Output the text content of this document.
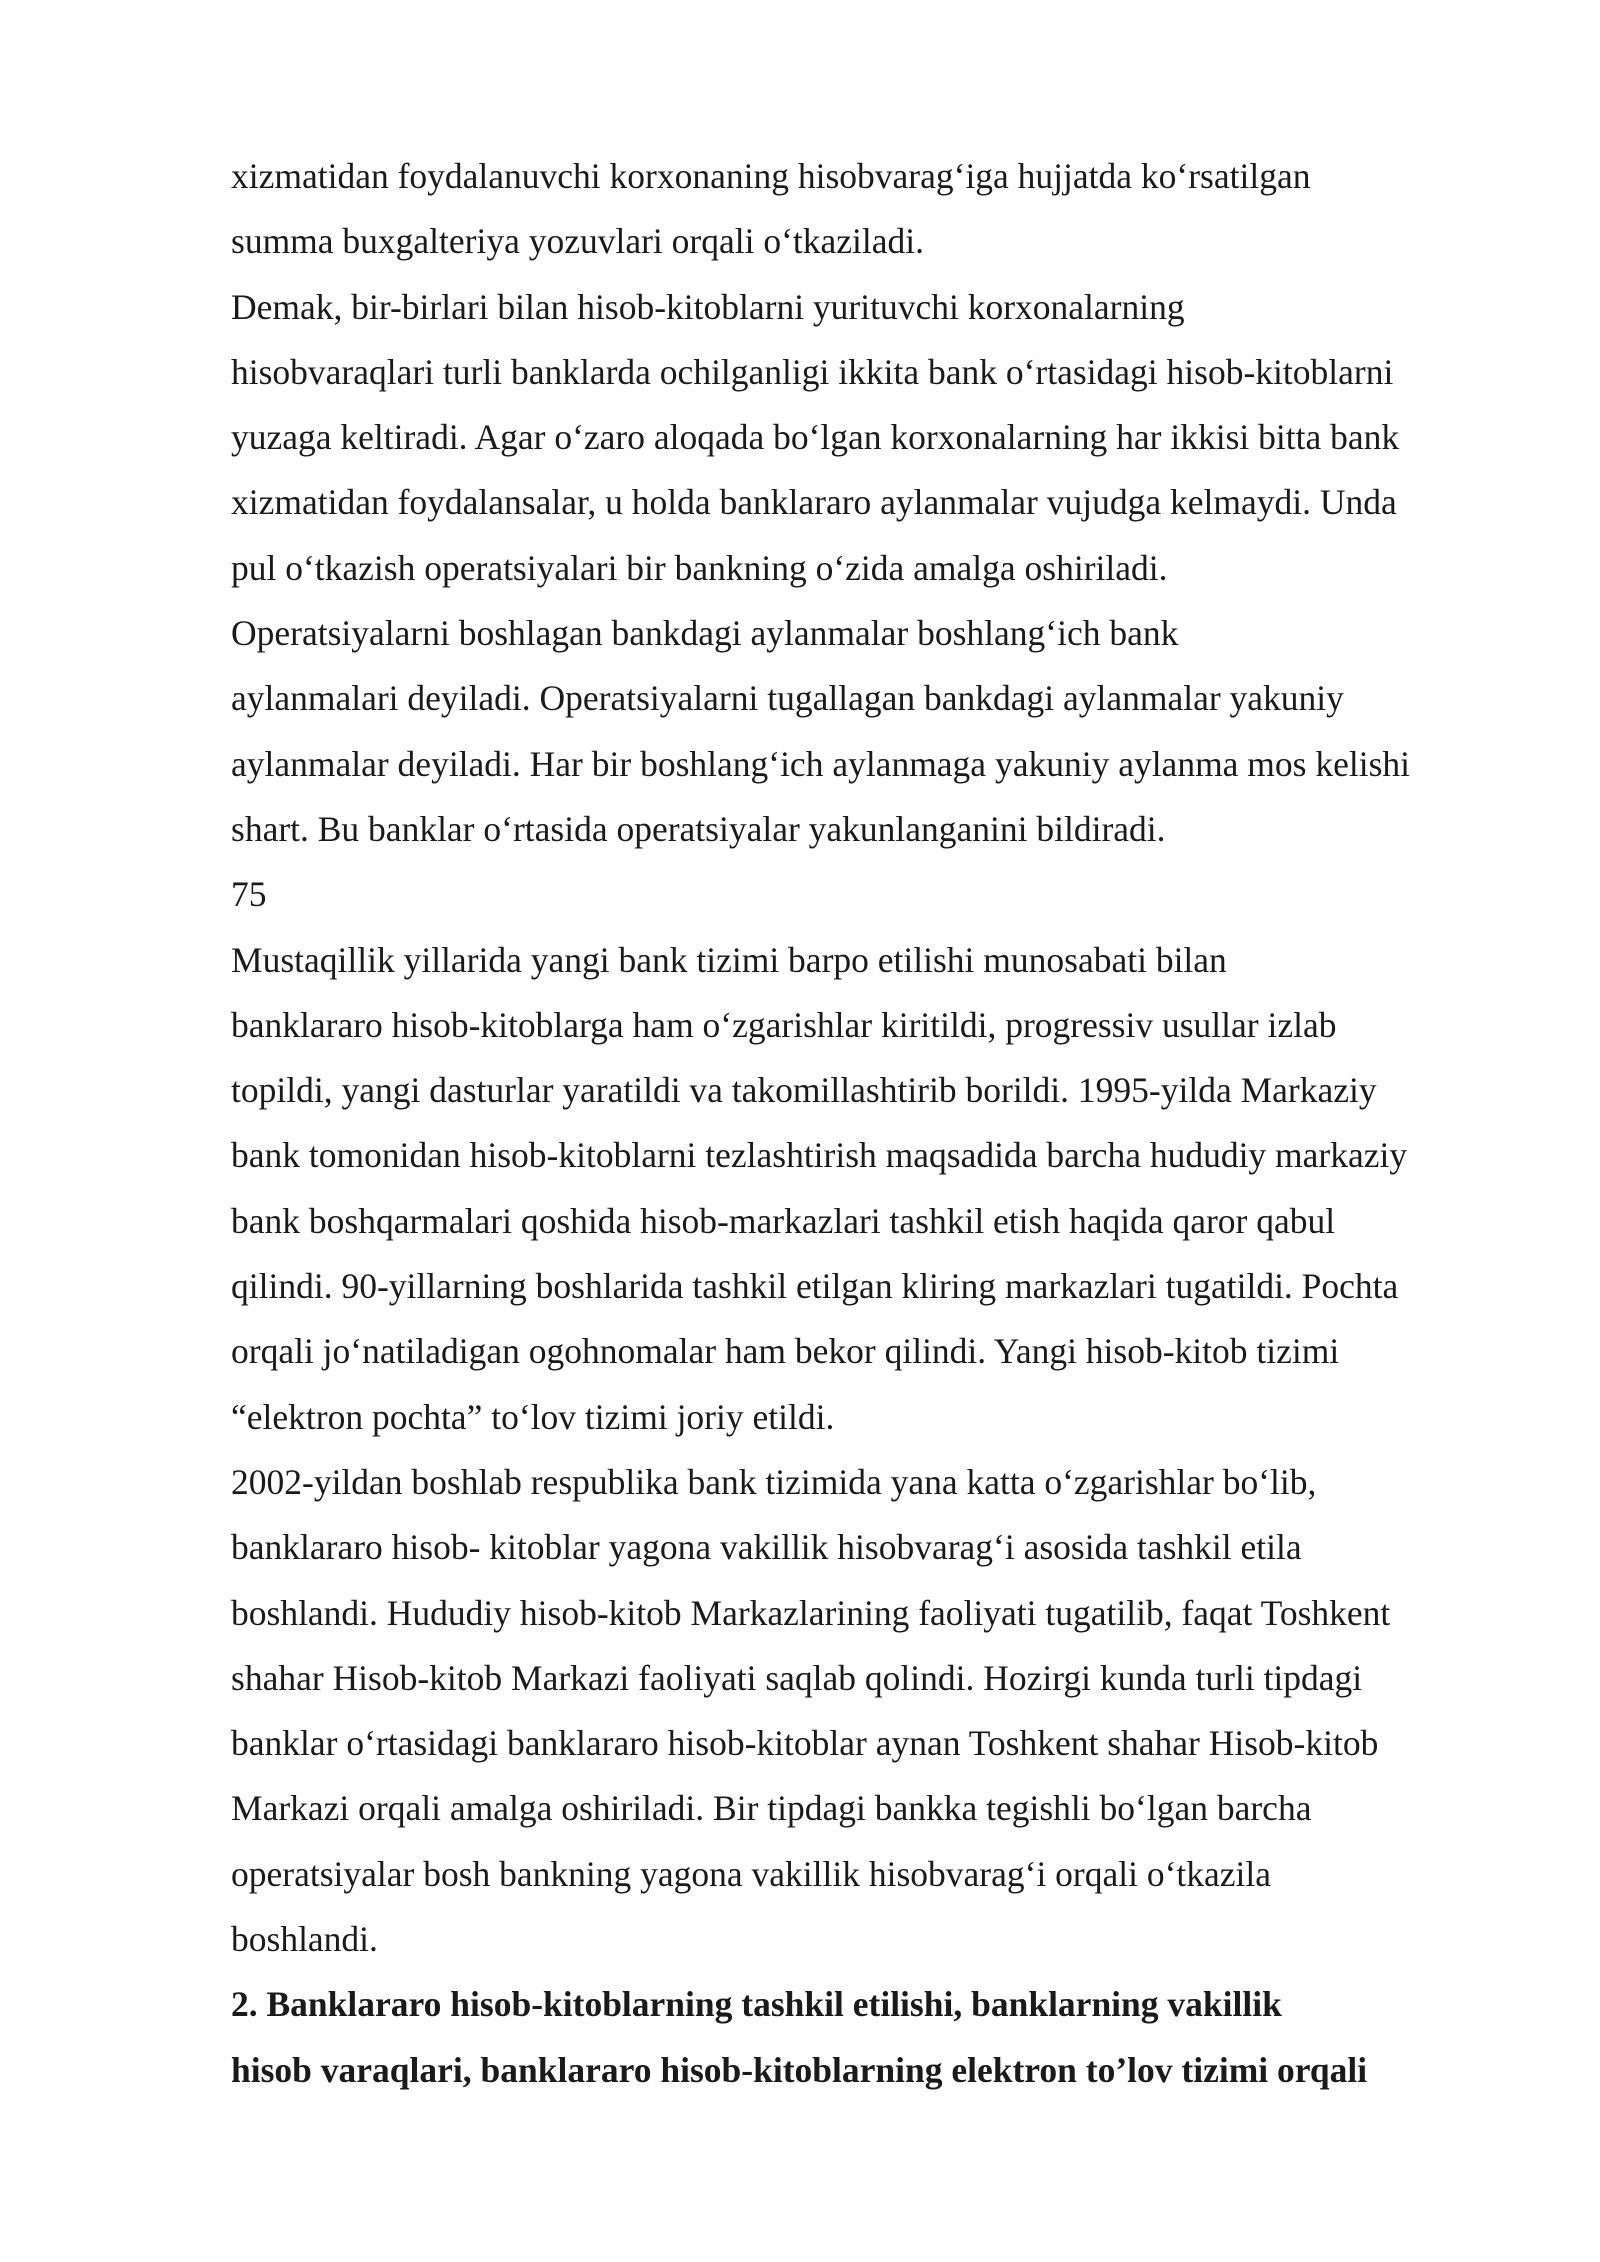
xizmatidan foydalanuvchi korxonaning hisobvarag‘iga hujjatda ko‘rsatilgan
summa buxgalteriya yozuvlari orqali o‘tkaziladi.
Demak, bir-birlari bilan hisob-kitoblarni yurituvchi korxonalarning
hisobvaraqlari turli banklarda ochilganligi ikkita bank o‘rtasidagi hisob-kitoblarni
yuzaga keltiradi. Agar o‘zaro aloqada bo‘lgan korxonalarning har ikkisi bitta bank
xizmatidan foydalansalar, u holda banklararo aylanmalar vujudga kelmaydi. Unda
pul o‘tkazish operatsiyalari bir bankning o‘zida amalga oshiriladi.
Operatsiyalarni boshlagan bankdagi aylanmalar boshlang‘ich bank
aylanmalari deyiladi. Operatsiyalarni tugallagan bankdagi aylanmalar yakuniy
aylanmalar deyiladi. Har bir boshlang‘ich aylanmaga yakuniy aylanma mos kelishi
shart. Bu banklar o‘rtasida operatsiyalar yakunlanganini bildiradi.
75
Mustaqillik yillarida yangi bank tizimi barpo etilishi munosabati bilan
banklararo hisob-kitoblarga ham o‘zgarishlar kiritildi, progressiv usullar izlab
topildi, yangi dasturlar yaratildi va takomillashtirib borildi. 1995-yilda Markaziy
bank tomonidan hisob-kitoblarni tezlashtirish maqsadida barcha hududiy markaziy
bank boshqarmalari qoshida hisob-markazlari tashkil etish haqida qaror qabul
qilindi. 90-yillarning boshlarida tashkil etilgan kliring markazlari tugatildi. Pochta
orqali jo‘natiladigan ogohnomalar ham bekor qilindi. Yangi hisob-kitob tizimi
“elektron pochta” to‘lov tizimi joriy etildi.
2002-yildan boshlab respublika bank tizimida yana katta o‘zgarishlar bo‘lib,
banklararo hisob- kitoblar yagona vakillik hisobvarag‘i asosida tashkil etila
boshlandi. Hududiy hisob-kitob Markazlarining faoliyati tugatilib, faqat Toshkent
shahar Hisob-kitob Markazi faoliyati saqlab qolindi. Hozirgi kunda turli tipdagi
banklar o‘rtasidagi banklararo hisob-kitoblar aynan Toshkent shahar Hisob-kitob
Markazi orqali amalga oshiriladi. Bir tipdagi bankka tegishli bo‘lgan barcha
operatsiyalar bosh bankning yagona vakillik hisobvarag‘i orqali o‘tkazila
boshlandi.
2. Banklararo hisob-kitoblarning tashkil etilishi, banklarning vakillik
hisob varaqlari, banklararo hisob-kitoblarning elektron to’lov tizimi orqali
